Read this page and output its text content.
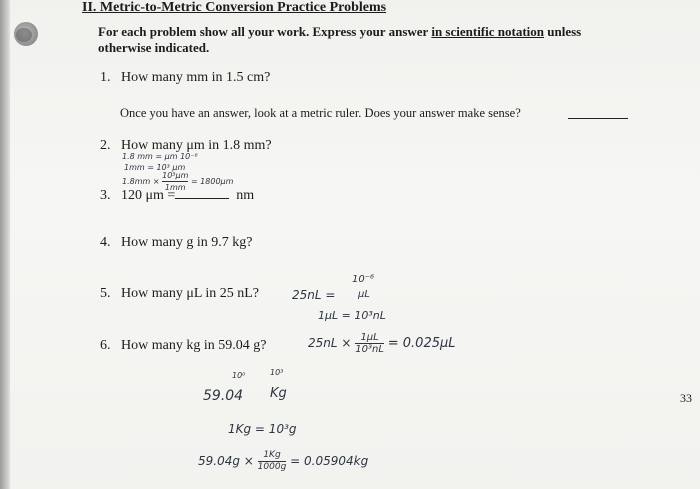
II. Metric-to-Metric Conversion Practice Problems
For each problem show all your work. Express your answer in scientific notation unless otherwise indicated.
1. How many mm in 1.5 cm?
Once you have an answer, look at a metric ruler. Does your answer make sense?
2. How many μm in 1.8 mm?
1.8 mm = μm 10⁻⁶
1mm = 10³ μm
$1.8mm \times \frac{\text{10³μm}}{1mm} = 1800\mu m$
3. 120 μm =	nm
4. How many g in 9.7 kg?
5. How many μL in 25 nL?	25nL =
10⁻⁶
μL
1μL = 10³nL
$25nL \times \frac{1\mu L}{\text{10³nL}} = 0.025\mu L$
6. How many kg in 59.04 g?
10⁰	10³
59.04 Kg
1Kg = 10³g
$59.04g \times \frac{1Kg}{1000g} = 0.05904kg$
33
